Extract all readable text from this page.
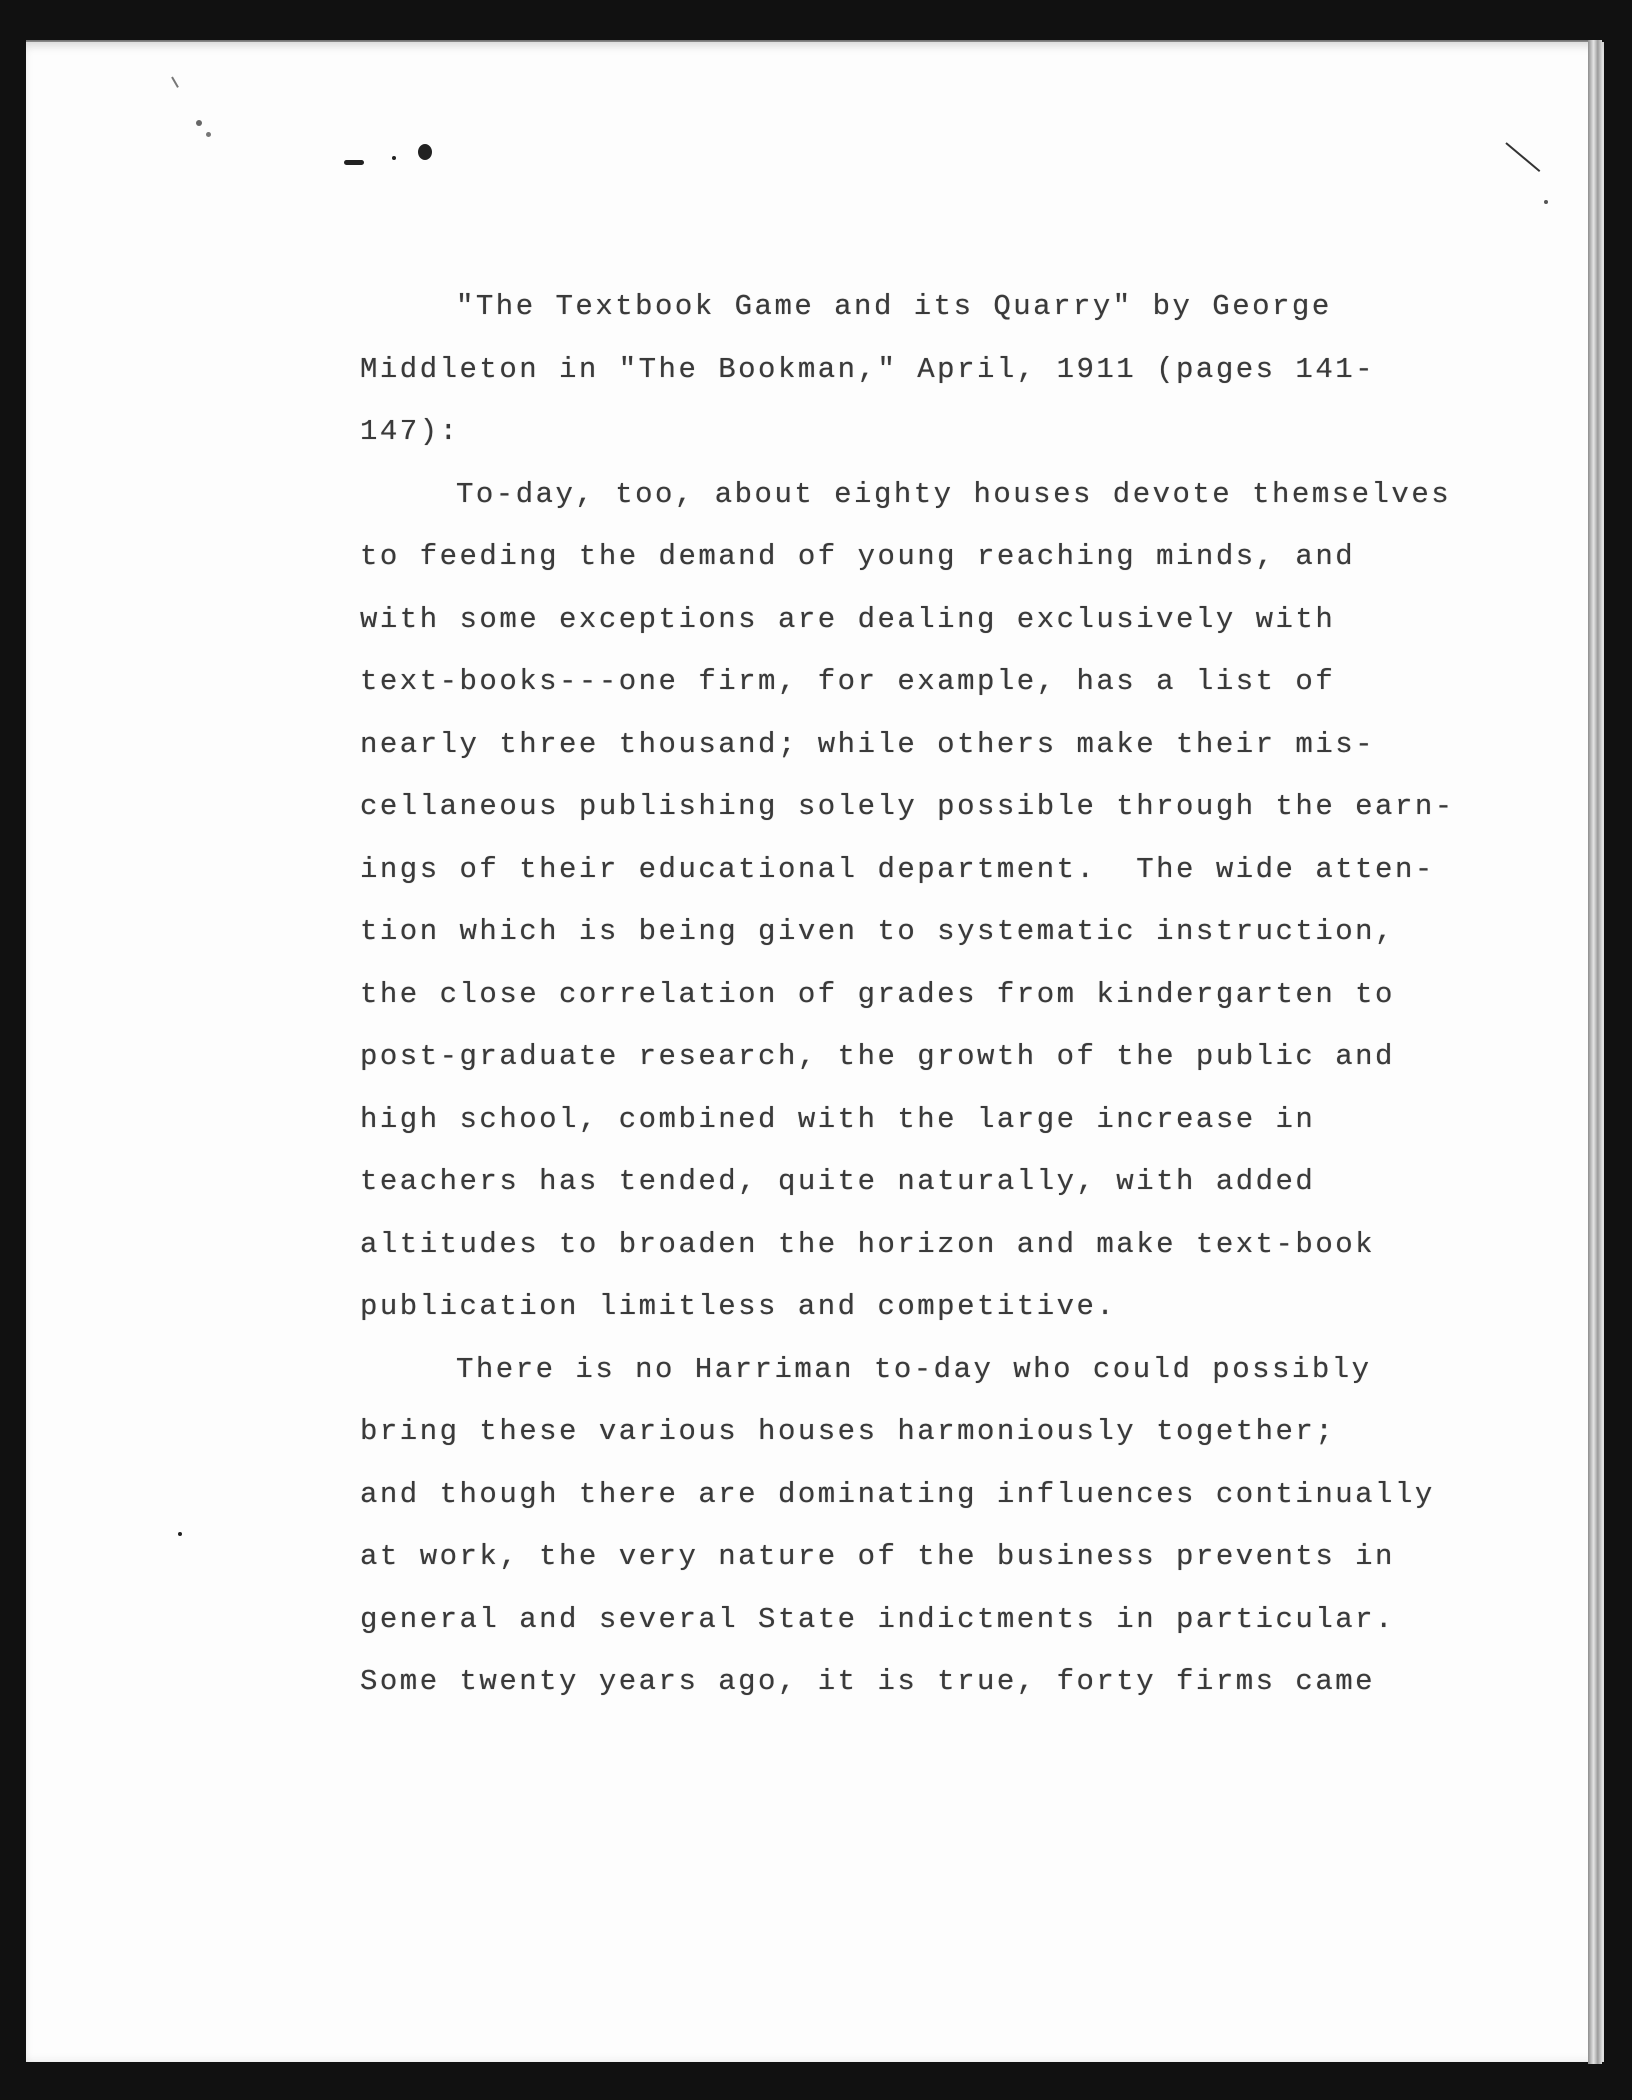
"The Textbook Game and its Quarry" by George
Middleton in "The Bookman," April, 1911 (pages 141-
147):
To-day, too, about eighty houses devote themselves
to feeding the demand of young reaching minds, and
with some exceptions are dealing exclusively with
text-books---one firm, for example, has a list of
nearly three thousand; while others make their mis-
cellaneous publishing solely possible through the earn-
ings of their educational department.  The wide atten-
tion which is being given to systematic instruction,
the close correlation of grades from kindergarten to
post-graduate research, the growth of the public and
high school, combined with the large increase in
teachers has tended, quite naturally, with added
altitudes to broaden the horizon and make text-book
publication limitless and competitive.
There is no Harriman to-day who could possibly
bring these various houses harmoniously together;
and though there are dominating influences continually
at work, the very nature of the business prevents in
general and several State indictments in particular.
Some twenty years ago, it is true, forty firms came
